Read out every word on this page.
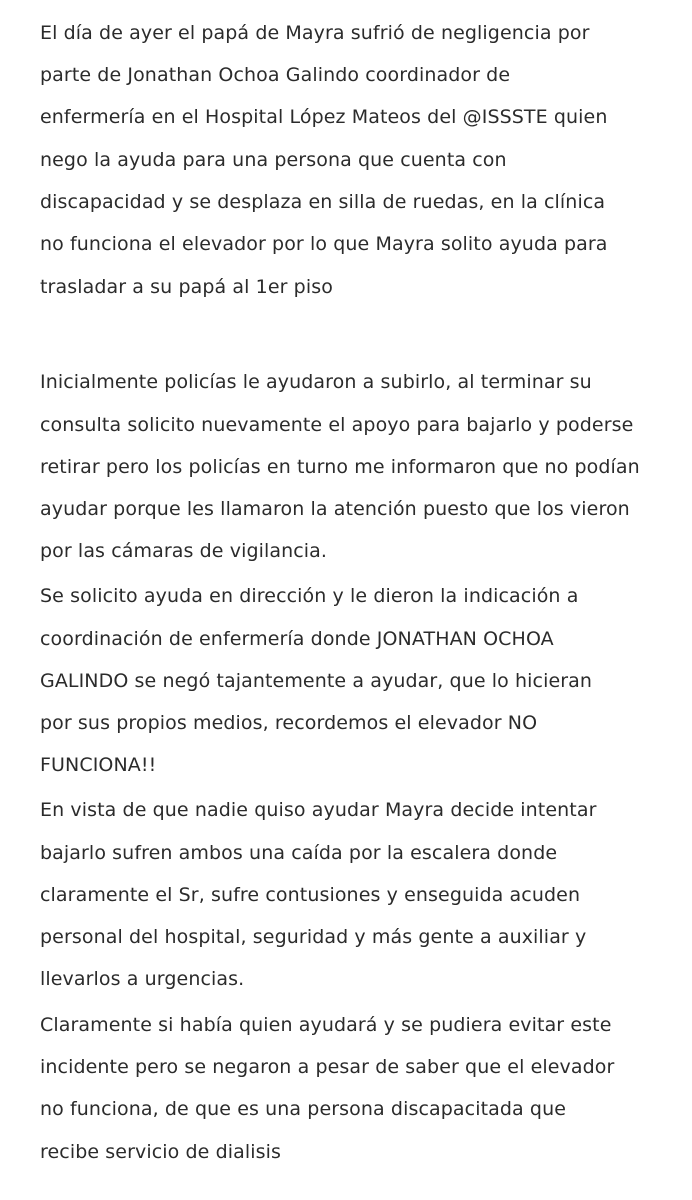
El día de ayer el papá de Mayra sufrió de negligencia por

parte de Jonathan Ochoa Galindo coordinador de

enfermería en el Hospital López Mateos del @ISSSTE quien

nego la ayuda para una persona que cuenta con

discapacidad y se desplaza en silla de ruedas, en la clínica

no funciona el elevador por lo que Mayra solito ayuda para

trasladar a su papá al 1er piso

Inicialmente policías le ayudaron a subirlo, al terminar su

consulta solicito nuevamente el apoyo para bajarlo y poderse

retirar pero los policías en turno me informaron que no podían

ayudar porque les llamaron la atención puesto que los vieron

por las cámaras de vigilancia.

Se solicito ayuda en dirección y le dieron la indicación a

coordinación de enfermería donde JONATHAN OCHOA

GALINDO se negó tajantemente a ayudar, que lo hicieran

por sus propios medios, recordemos el elevador NO

FUNCIONA!!

En vista de que nadie quiso ayudar Mayra decide intentar

bajarlo sufren ambos una caída por la escalera donde

claramente el Sr, sufre contusiones y enseguida acuden

personal del hospital, seguridad y más gente a auxiliar y

llevarlos a urgencias.

Claramente si había quien ayudará y se pudiera evitar este

incidente pero se negaron a pesar de saber que el elevador

no funciona, de que es una persona discapacitada que

recibe servicio de dialisis
